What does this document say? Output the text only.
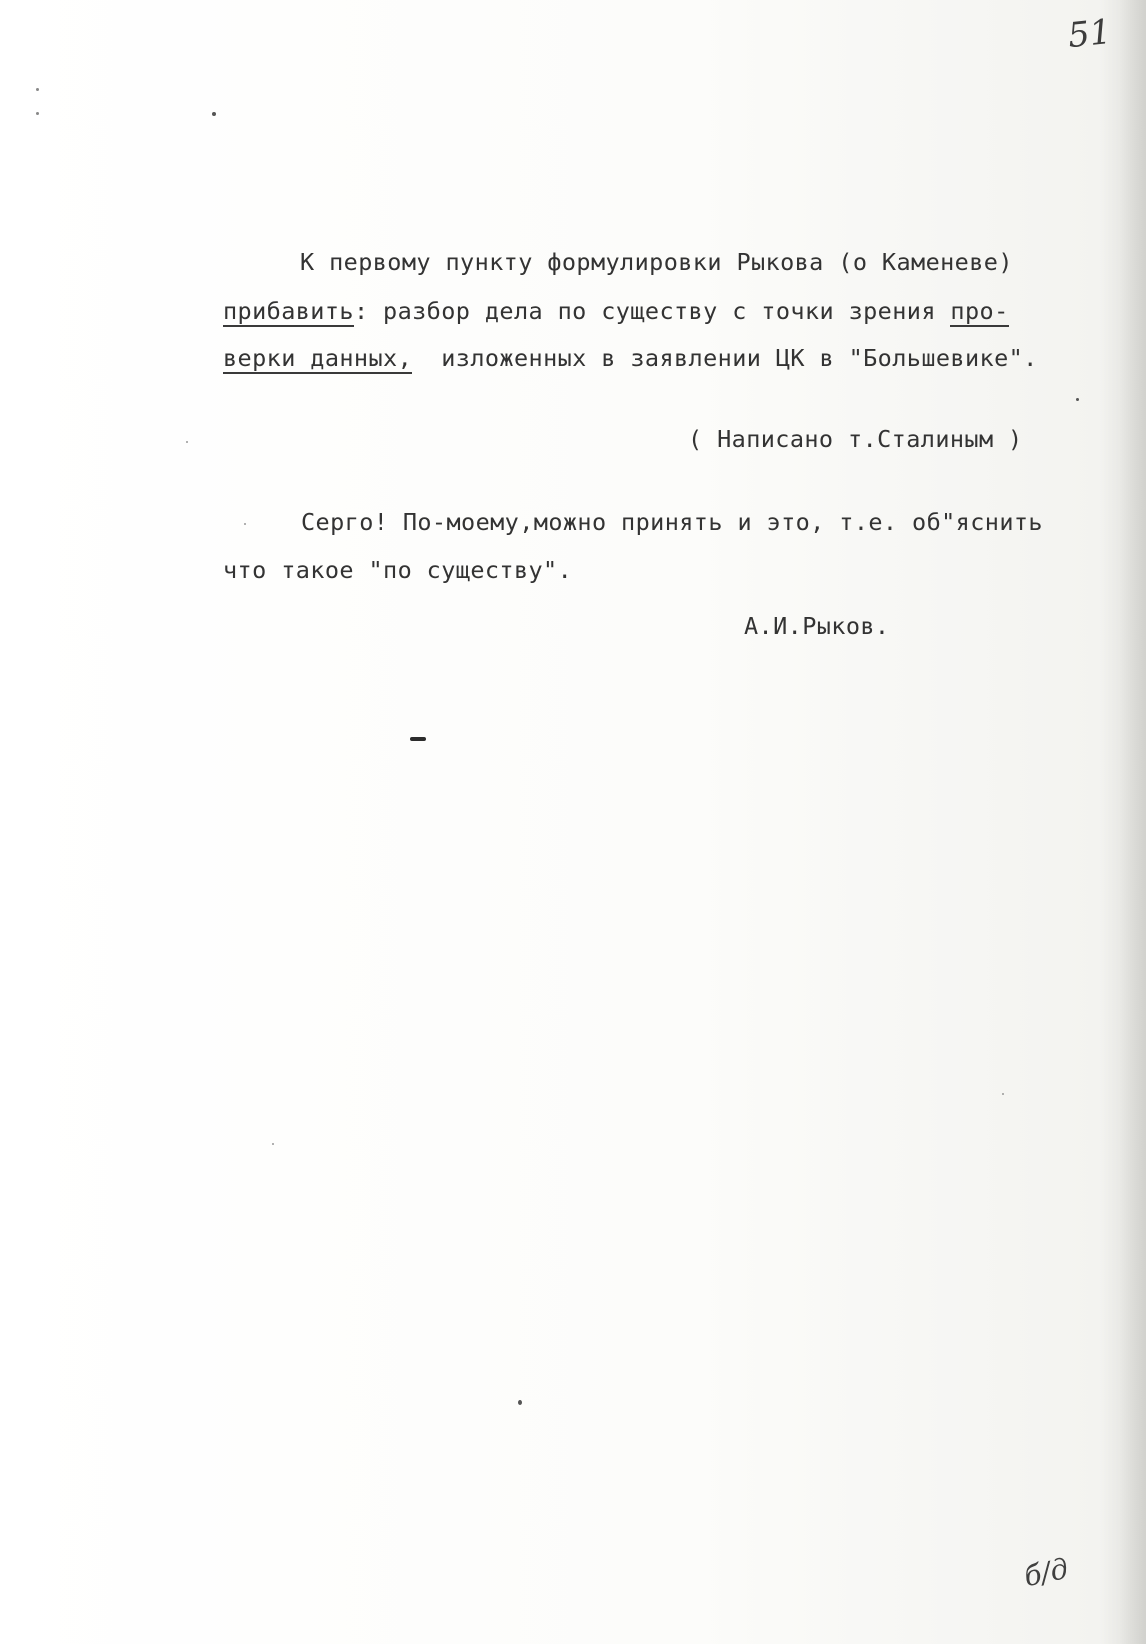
51
К первому пункту формулировки Рыкова (о Каменеве)
прибавить: разбор дела по существу с точки зрения про-
верки данных,  изложенных в заявлении ЦК в "Большевике".
( Написано т.Сталиным )
Серго! По-моему,можно принять и это, т.е. об"яснить
что такое "по существу".
А.И.Рыков.
б/д
